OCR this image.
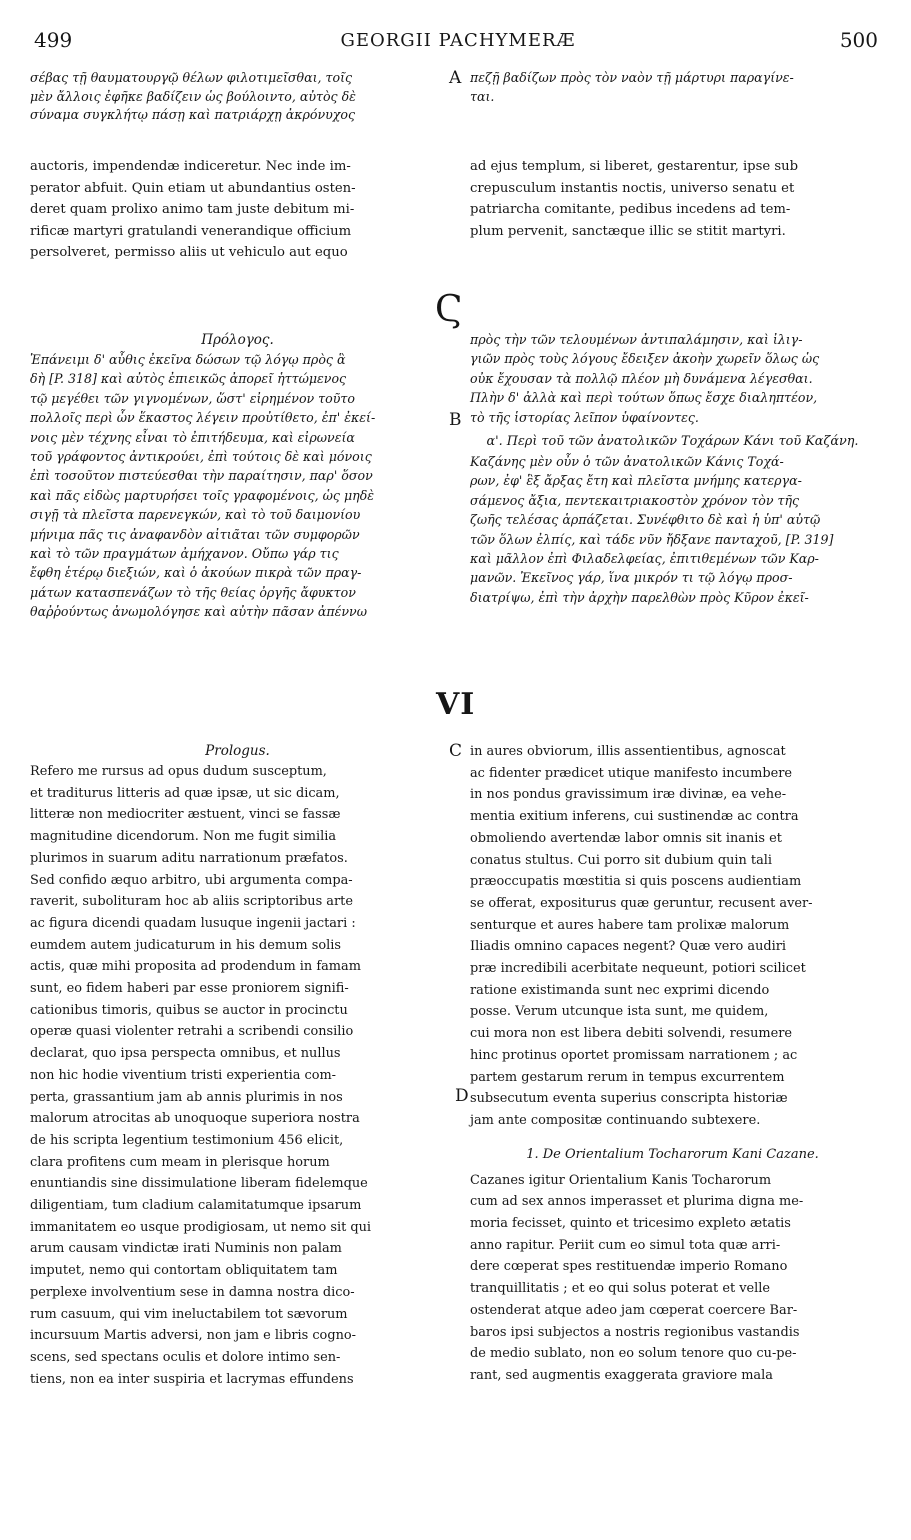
499	GEORGII PACHYMERÆ	500

σέβας τῇ θαυματουργῷ θέλων φιλοτιμεῖσθαι, τοῖς
μὲν ἄλλοις ἐφῆκε βαδίζειν ὡς βούλοιντο, αὐτὸς δὲ
σύναμα συγκλήτῳ πάσῃ καὶ πατριάρχῃ ἀκρόνυχος

A πεζῇ βαδίζων πρὸς τὸν ναὸν τῇ μάρτυρι παραγίνε-
ται.

auctoris, impendendæ indiceretur. Nec inde im-
perator abfuit. Quin etiam ut abundantius osten-
deret quam prolixo animo tam juste debitum mi-
rificæ martyri gratulandi venerandique officium
persolveret, permisso aliis ut vehiculo aut equo

ad ejus templum, si liberet, gestarentur, ipse sub
crepusculum instantis noctis, universo senatu et
patriarcha comitante, pedibus incedens ad tem-
plum pervenit, sanctæque illic se stitit martyri.

Ϛ

Πρόλογος.

Ἐπάνειμι δ' αὖθις ἐκεῖνα δώσων τῷ λόγῳ πρὸς ἃ
δὴ [P. 318] καὶ αὐτὸς ἐπιεικῶς ἀπορεῖ ἡττώμενος
τῷ μεγέθει τῶν γιγνομένων, ὥστ' εἰρημένον τοῦτο
πολλοῖς περὶ ὧν ἕκαστος λέγειν προὐτίθετο, ἐπ' ἐκεί-
νοις μὲν τέχνης εἶναι τὸ ἐπιτήδευμα, καὶ εἰρωνεία
τοῦ γράφοντος ἀντικρούει, ἐπὶ τούτοις δὲ καὶ μόνοις
ἐπὶ τοσοῦτον πιστεύεσθαι τὴν παραίτησιν, παρ' ὅσον
καὶ πᾶς εἰδὼς μαρτυρήσει τοῖς γραφομένοις, ὡς μηδὲ
σιγῇ τὰ πλεῖστα παρενεγκών, καὶ τὸ τοῦ δαιμονίου
μήνιμα πᾶς τις ἀναφανδὸν αἰτιᾶται τῶν συμφορῶν
καὶ τὸ τῶν πραγμάτων ἀμήχανον. Οὔπω γάρ τις
ἔφθη ἑτέρῳ διεξιών, καὶ ὁ ἀκούων πικρὰ τῶν πραγ-
μάτων κατασπενάζων τὸ τῆς θείας ὀργῆς ἄφυκτον
θαῤῥούντως ἀνωμολόγησε καὶ αὐτὴν πᾶσαν ἀπέννω

B

πρὸς τὴν τῶν τελουμένων ἀντιπαλάμησιν, καὶ ἰλιγ-
γιῶν πρὸς τοὺς λόγους ἔδειξεν ἀκοὴν χωρεῖν ὅλως ὡς
οὐκ ἔχουσαν τὰ πολλῷ πλέον μὴ δυνάμενα λέγεσθαι.
Πλὴν δ' ἀλλὰ καὶ περὶ τούτων ὅπως ἔσχε διαληπτέον,
τὸ τῆς ἱστορίας λεῖπον ὑφαίνοντες.

α'. Περὶ τοῦ τῶν ἀνατολικῶν Τοχάρων Κάνι τοῦ Καζάνη.

Καζάνης μὲν οὖν ὁ τῶν ἀνατολικῶν Κάνις Τοχά-
ρων, ἐφ' ἓξ ἄρξας ἔτη καὶ πλεῖστα μνήμης κατεργα-
σάμενος ἄξια, πεντεκαιτριακοστὸν χρόνον τὸν τῆς
ζωῆς τελέσας ἁρπάζεται. Συνέφθιτο δὲ καὶ ἡ ὑπ' αὐτῷ
τῶν ὅλων ἐλπίς, καὶ τάδε νῦν ἤδξανε πανταχοῦ, [P. 319]
καὶ μᾶλλον ἐπὶ Φιλαδελφείας, ἐπιτιθεμένων τῶν Καρ-
μανῶν. Ἐκεῖνος γάρ, ἵνα μικρόν τι τῷ λόγῳ προσ-
διατρίψω, ἐπὶ τὴν ἀρχὴν παρελθὼν πρὸς Κῦρον ἐκεῖ-

VI

Prologus.

Refero me rursus ad opus dudum susceptum,
et traditurus litteris ad quæ ipsæ, ut sic dicam,
litteræ non mediocriter æstuent, vinci se fassæ
magnitudine dicendorum. Non me fugit similia
plurimos in suarum aditu narrationum præfatos.
Sed confido æquo arbitro, ubi argumenta compa-
raverit, subolituram hoc ab aliis scriptoribus arte
ac figura dicendi quadam lusuque ingenii jactari :
eumdem autem judicaturum in his demum solis
actis, quæ mihi proposita ad prodendum in famam
sunt, eo fidem haberi par esse proniorem signifi-
cationibus timoris, quibus se auctor in procinctu
operæ quasi violenter retrahi a scribendi consilio
declarat, quo ipsa perspecta omnibus, et nullus
non hic hodie viventium tristi experientia com-
perta, grassantium jam ab annis plurimis in nos
malorum atrocitas ab unoquoque superiora nostra
de his scripta legentium testimonium 456 elicit,
clara profitens cum meam in plerisque horum
enuntiandis sine dissimulatione liberam fidelemque
diligentiam, tum cladium calamitatumque ipsarum
immanitatem eo usque prodigiosam, ut nemo sit qui
arum causam vindictæ irati Numinis non palam
imputet, nemo qui contortam obliquitatem tam
perplexe involventium sese in damna nostra dico-
rum casuum, qui vim ineluctabilem tot sævorum
incursuum Martis adversi, non jam e libris cogno-
scens, sed spectans oculis et dolore intimo sen-
tiens, non ea inter suspiria et lacrymas effundens

C
D

in aures obviorum, illis assentientibus, agnoscat
ac fidenter prædicet utique manifesto incumbere
in nos pondus gravissimum iræ divinæ, ea vehe-
mentia exitium inferens, cui sustinendæ ac contra
obmoliendo avertendæ labor omnis sit inanis et
conatus stultus. Cui porro sit dubium quin tali
præoccupatis mœstitia si quis poscens audientiam
se offerat, expositurus quæ geruntur, recusent aver-
senturque et aures habere tam prolixæ malorum
Iliadis omnino capaces negent? Quæ vero audiri
præ incredibili acerbitate nequeunt, potiori scilicet
ratione existimanda sunt nec exprimi dicendo
posse. Verum utcunque ista sunt, me quidem,
cui mora non est libera debiti solvendi, resumere
hinc protinus oportet promissam narrationem ; ac
partem gestarum rerum in tempus excurrentem
subsecutum eventa superius conscripta historiæ
jam ante compositæ continuando subtexere.

1. De Orientalium Tocharorum Kani Cazane.

Cazanes igitur Orientalium Kanis Tocharorum
cum ad sex annos imperasset et plurima digna me-
moria fecisset, quinto et tricesimo expleto ætatis
anno rapitur. Periit cum eo simul tota quæ arri-
dere cœperat spes restituendæ imperio Romano
tranquillitatis ; et eo qui solus poterat et velle
ostenderat atque adeo jam cœperat coercere Bar-
baros ipsi subjectos a nostris regionibus vastandis
de medio sublato, non eo solum tenore quo cu-pe-
rant, sed augmentis exaggerata graviore mala
